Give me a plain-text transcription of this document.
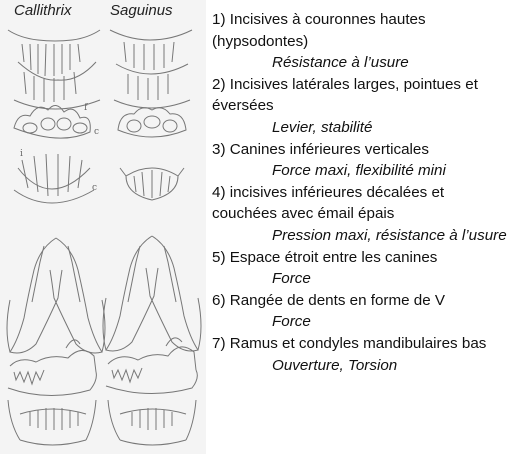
Callithrix	Saguinus
f
c
i
c

1) Incisives à couronnes hautes (hypsodontes)

Résistance à l’usure

2) Incisives latérales larges, pointues et éversées

Levier, stabilité

3) Canines inférieures verticales

Force maxi, flexibilité mini

4) incisives inférieures décalées et couchées avec émail épais

Pression maxi, résistance à l’usure

5) Espace étroit entre les canines

Force

6) Rangée de dents en forme de V

Force

7) Ramus et condyles mandibulaires bas

Ouverture, Torsion
